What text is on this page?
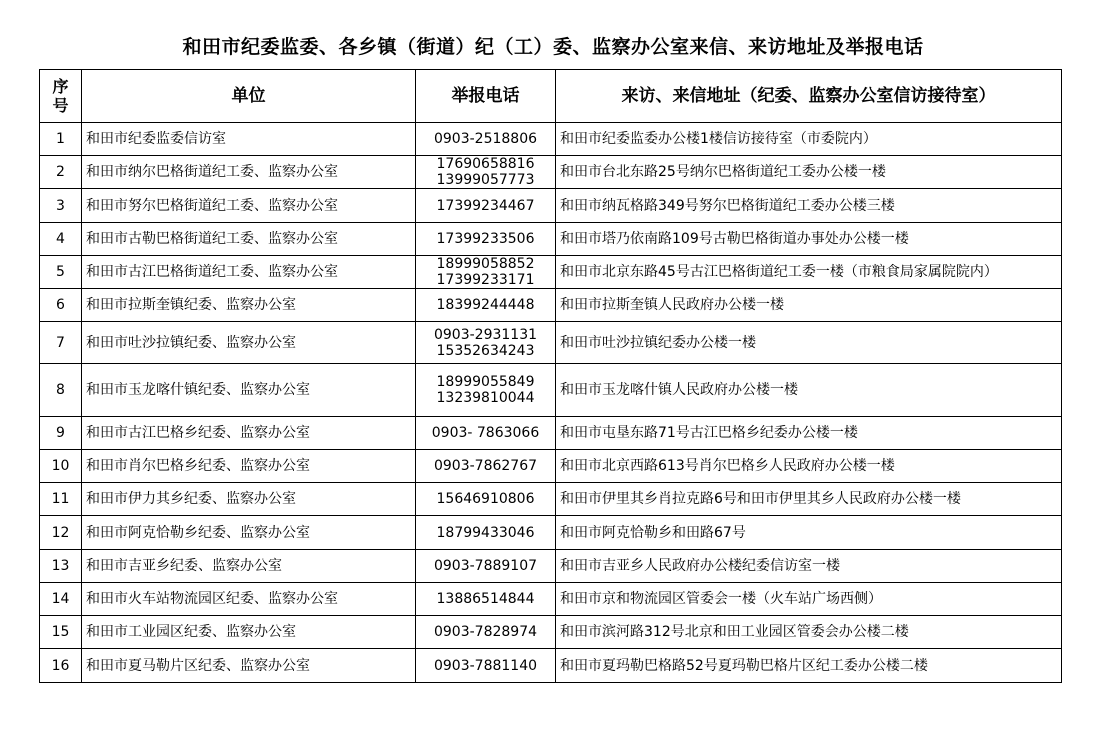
和田市纪委监委、各乡镇（街道）纪（工）委、监察办公室来信、来访地址及举报电话
序
号	单位	举报电话	来访、来信地址（纪委、监察办公室信访接待室）
1	和田市纪委监委信访室	0903-2518806	和田市纪委监委办公楼1楼信访接待室（市委院内）
2	和田市纳尔巴格街道纪工委、监察办公室	17690658816
13999057773	和田市台北东路25号纳尔巴格街道纪工委办公楼一楼
3	和田市努尔巴格街道纪工委、监察办公室	17399234467	和田市纳瓦格路349号努尔巴格街道纪工委办公楼三楼
4	和田市古勒巴格街道纪工委、监察办公室	17399233506	和田市塔乃依南路109号古勒巴格街道办事处办公楼一楼
5	和田市古江巴格街道纪工委、监察办公室	18999058852
17399233171	和田市北京东路45号古江巴格街道纪工委一楼（市粮食局家属院院内）
6	和田市拉斯奎镇纪委、监察办公室	18399244448	和田市拉斯奎镇人民政府办公楼一楼
7	和田市吐沙拉镇纪委、监察办公室	0903-2931131
15352634243	和田市吐沙拉镇纪委办公楼一楼
8	和田市玉龙喀什镇纪委、监察办公室	18999055849
13239810044	和田市玉龙喀什镇人民政府办公楼一楼
9	和田市古江巴格乡纪委、监察办公室	0903- 7863066	和田市屯垦东路71号古江巴格乡纪委办公楼一楼
10	和田市肖尔巴格乡纪委、监察办公室	0903-7862767	和田市北京西路613号肖尔巴格乡人民政府办公楼一楼
11	和田市伊力其乡纪委、监察办公室	15646910806	和田市伊里其乡肖拉克路6号和田市伊里其乡人民政府办公楼一楼
12	和田市阿克恰勒乡纪委、监察办公室	18799433046	和田市阿克恰勒乡和田路67号
13	和田市吉亚乡纪委、监察办公室	0903-7889107	和田市吉亚乡人民政府办公楼纪委信访室一楼
14	和田市火车站物流园区纪委、监察办公室	13886514844	和田市京和物流园区管委会一楼（火车站广场西侧）
15	和田市工业园区纪委、监察办公室	0903-7828974	和田市滨河路312号北京和田工业园区管委会办公楼二楼
16	和田市夏马勒片区纪委、监察办公室	0903-7881140	和田市夏玛勒巴格路52号夏玛勒巴格片区纪工委办公楼二楼
